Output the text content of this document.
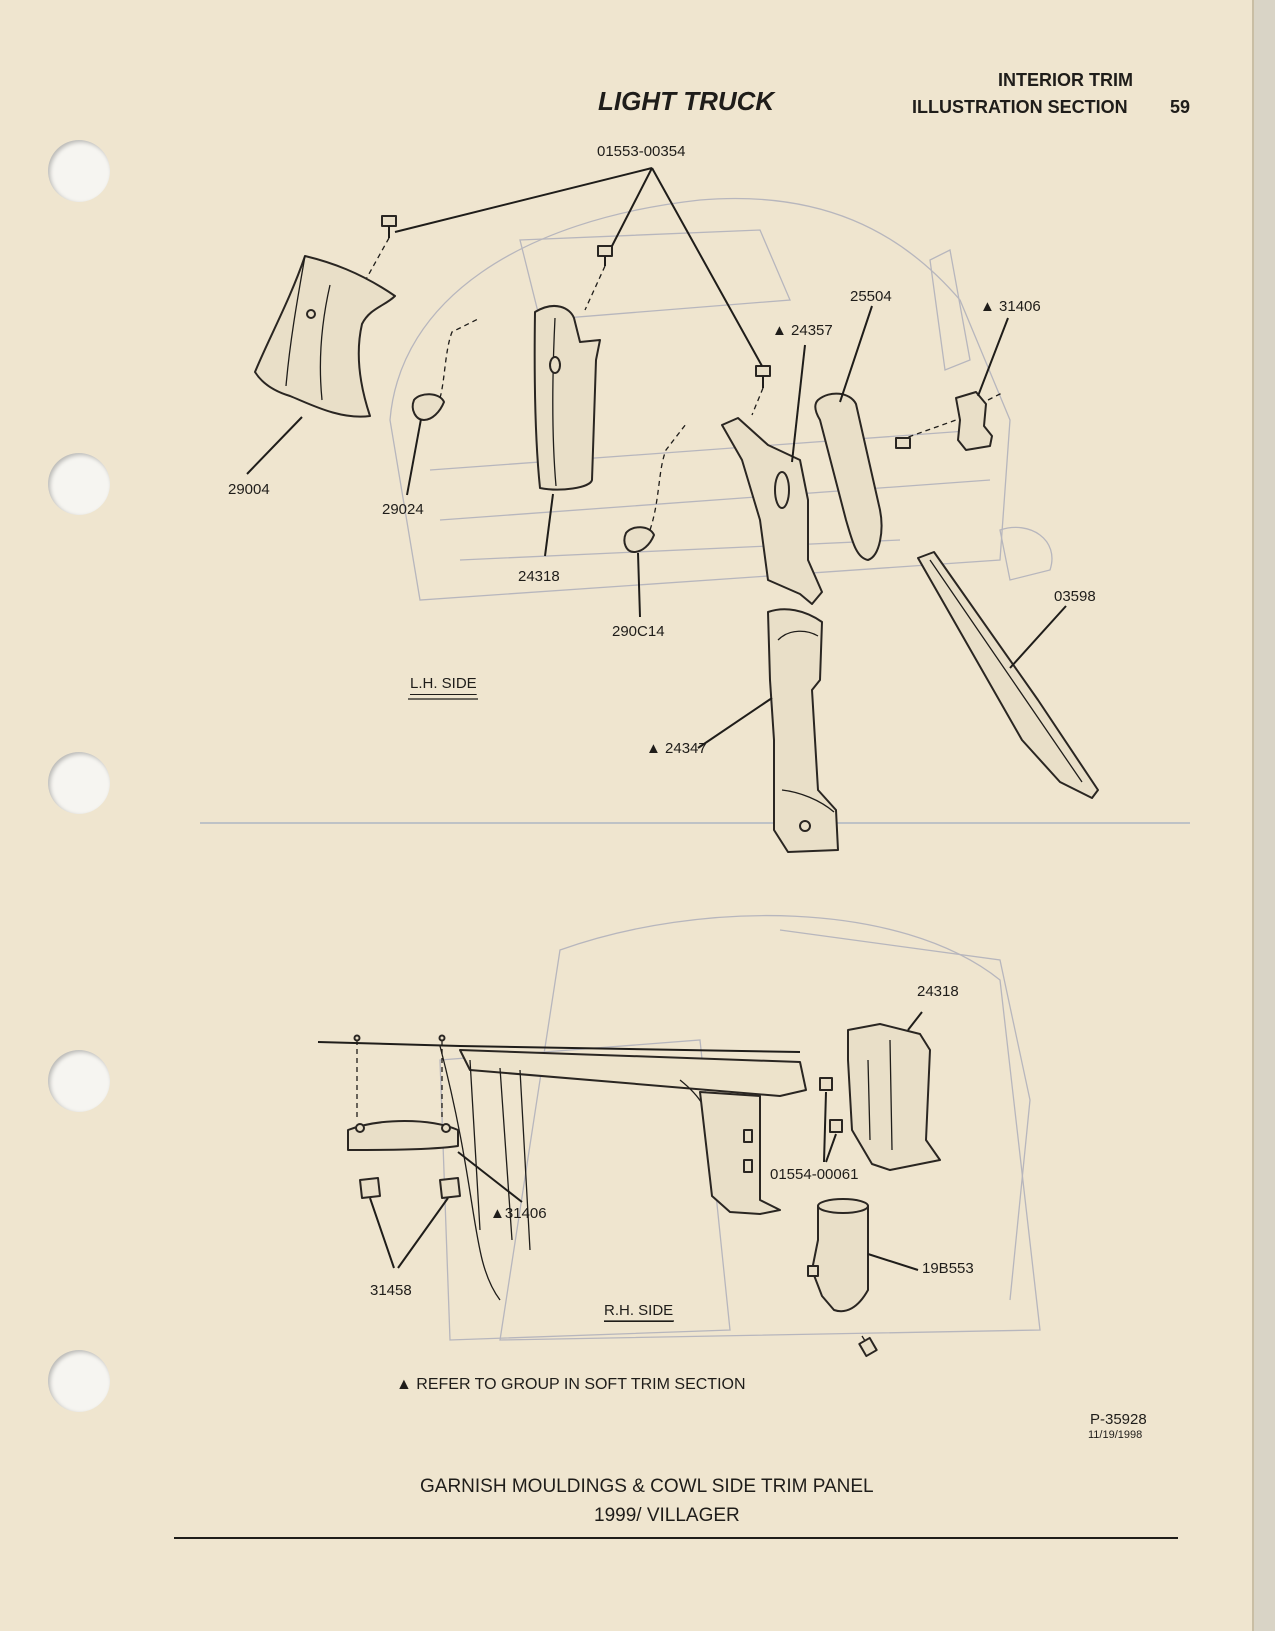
LIGHT TRUCK
INTERIOR TRIM
ILLUSTRATION SECTION 59
01553-00354
29004
29024
24318
290C14
▲ 24357
25504
▲ 31406
03598
▲ 24347
L.H. SIDE
24318
01554-00061
▲31406
31458
19B553
R.H. SIDE
▲ REFER TO GROUP IN SOFT TRIM SECTION
P-35928
11/19/1998
GARNISH MOULDINGS & COWL SIDE TRIM PANEL
1999/ VILLAGER
